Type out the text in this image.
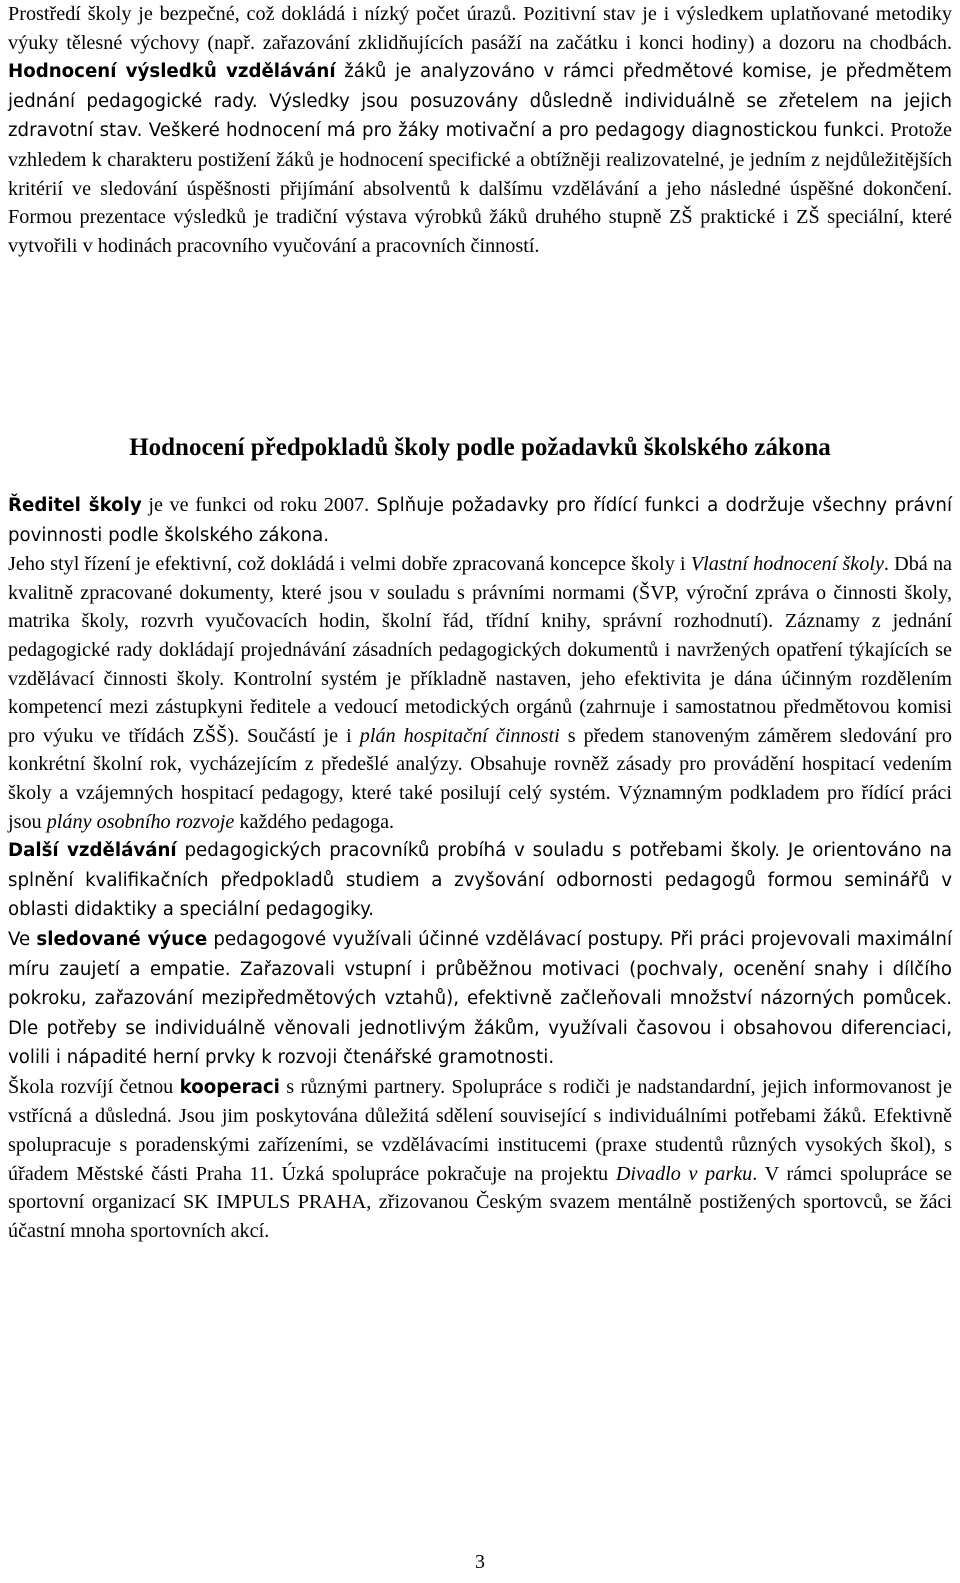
Prostředí školy je bezpečné, což dokládá i nízký počet úrazů. Pozitivní stav je i výsledkem uplatňované metodiky výuky tělesné výchovy (např. zařazování zklidňujících pasáží na začátku i konci hodiny) a dozoru na chodbách. Hodnocení výsledků vzdělávání žáků je analyzováno v rámci předmětové komise, je předmětem jednání pedagogické rady. Výsledky jsou posuzovány důsledně individuálně se zřetelem na jejich zdravotní stav. Veškeré hodnocení má pro žáky motivační a pro pedagogy diagnostickou funkci. Protože vzhledem k charakteru postižení žáků je hodnocení specifické a obtížněji realizovatelné, je jedním z nejdůležitějších kritérií ve sledování úspěšnosti přijímání absolventů k dalšímu vzdělávání a jeho následné úspěšné dokončení. Formou prezentace výsledků je tradiční výstava výrobků žáků druhého stupně ZŠ praktické i ZŠ speciální, které vytvořili v hodinách pracovního vyučování a pracovních činností.

Hodnocení předpokladů školy podle požadavků školského zákona

Ředitel školy je ve funkci od roku 2007. Splňuje požadavky pro řídící funkci a dodržuje všechny právní povinnosti podle školského zákona.

Jeho styl řízení je efektivní, což dokládá i velmi dobře zpracovaná koncepce školy i Vlastní hodnocení školy. Dbá na kvalitně zpracované dokumenty, které jsou v souladu s právními normami (ŠVP, výroční zpráva o činnosti školy, matrika školy, rozvrh vyučovacích hodin, školní řád, třídní knihy, správní rozhodnutí). Záznamy z jednání pedagogické rady dokládají projednávání zásadních pedagogických dokumentů i navržených opatření týkajících se vzdělávací činnosti školy. Kontrolní systém je příkladně nastaven, jeho efektivita je dána účinným rozdělením kompetencí mezi zástupkyni ředitele a vedoucí metodických orgánů (zahrnuje i samostatnou předmětovou komisi pro výuku ve třídách ZŠŠ). Součástí je i plán hospitační činnosti s předem stanoveným záměrem sledování pro konkrétní školní rok, vycházejícím z předešlé analýzy. Obsahuje rovněž zásady pro provádění hospitací vedením školy a vzájemných hospitací pedagogy, které také posilují celý systém. Významným podkladem pro řídící práci jsou plány osobního rozvoje každého pedagoga.

Další vzdělávání pedagogických pracovníků probíhá v souladu s potřebami školy. Je orientováno na splnění kvalifikačních předpokladů studiem a zvyšování odbornosti pedagogů formou seminářů v oblasti didaktiky a speciální pedagogiky.

Ve sledované výuce pedagogové využívali účinné vzdělávací postupy. Při práci projevovali maximální míru zaujetí a empatie. Zařazovali vstupní i průběžnou motivaci (pochvaly, ocenění snahy i dílčího pokroku, zařazování mezipředmětových vztahů), efektivně začleňovali množství názorných pomůcek. Dle potřeby se individuálně věnovali jednotlivým žákům, využívali časovou i obsahovou diferenciaci, volili i nápadité herní prvky k rozvoji čtenářské gramotnosti.

Škola rozvíjí četnou kooperaci s různými partnery. Spolupráce s rodiči je nadstandardní, jejich informovanost je vstřícná a důsledná. Jsou jim poskytována důležitá sdělení související s individuálními potřebami žáků. Efektivně spolupracuje s poradenskými zařízeními, se vzdělávacími institucemi (praxe studentů různých vysokých škol), s úřadem Městské části Praha 11. Úzká spolupráce pokračuje na projektu Divadlo v parku. V rámci spolupráce se sportovní organizací SK IMPULS PRAHA, zřizovanou Českým svazem mentálně postižených sportovců, se žáci účastní mnoha sportovních akcí.

3
